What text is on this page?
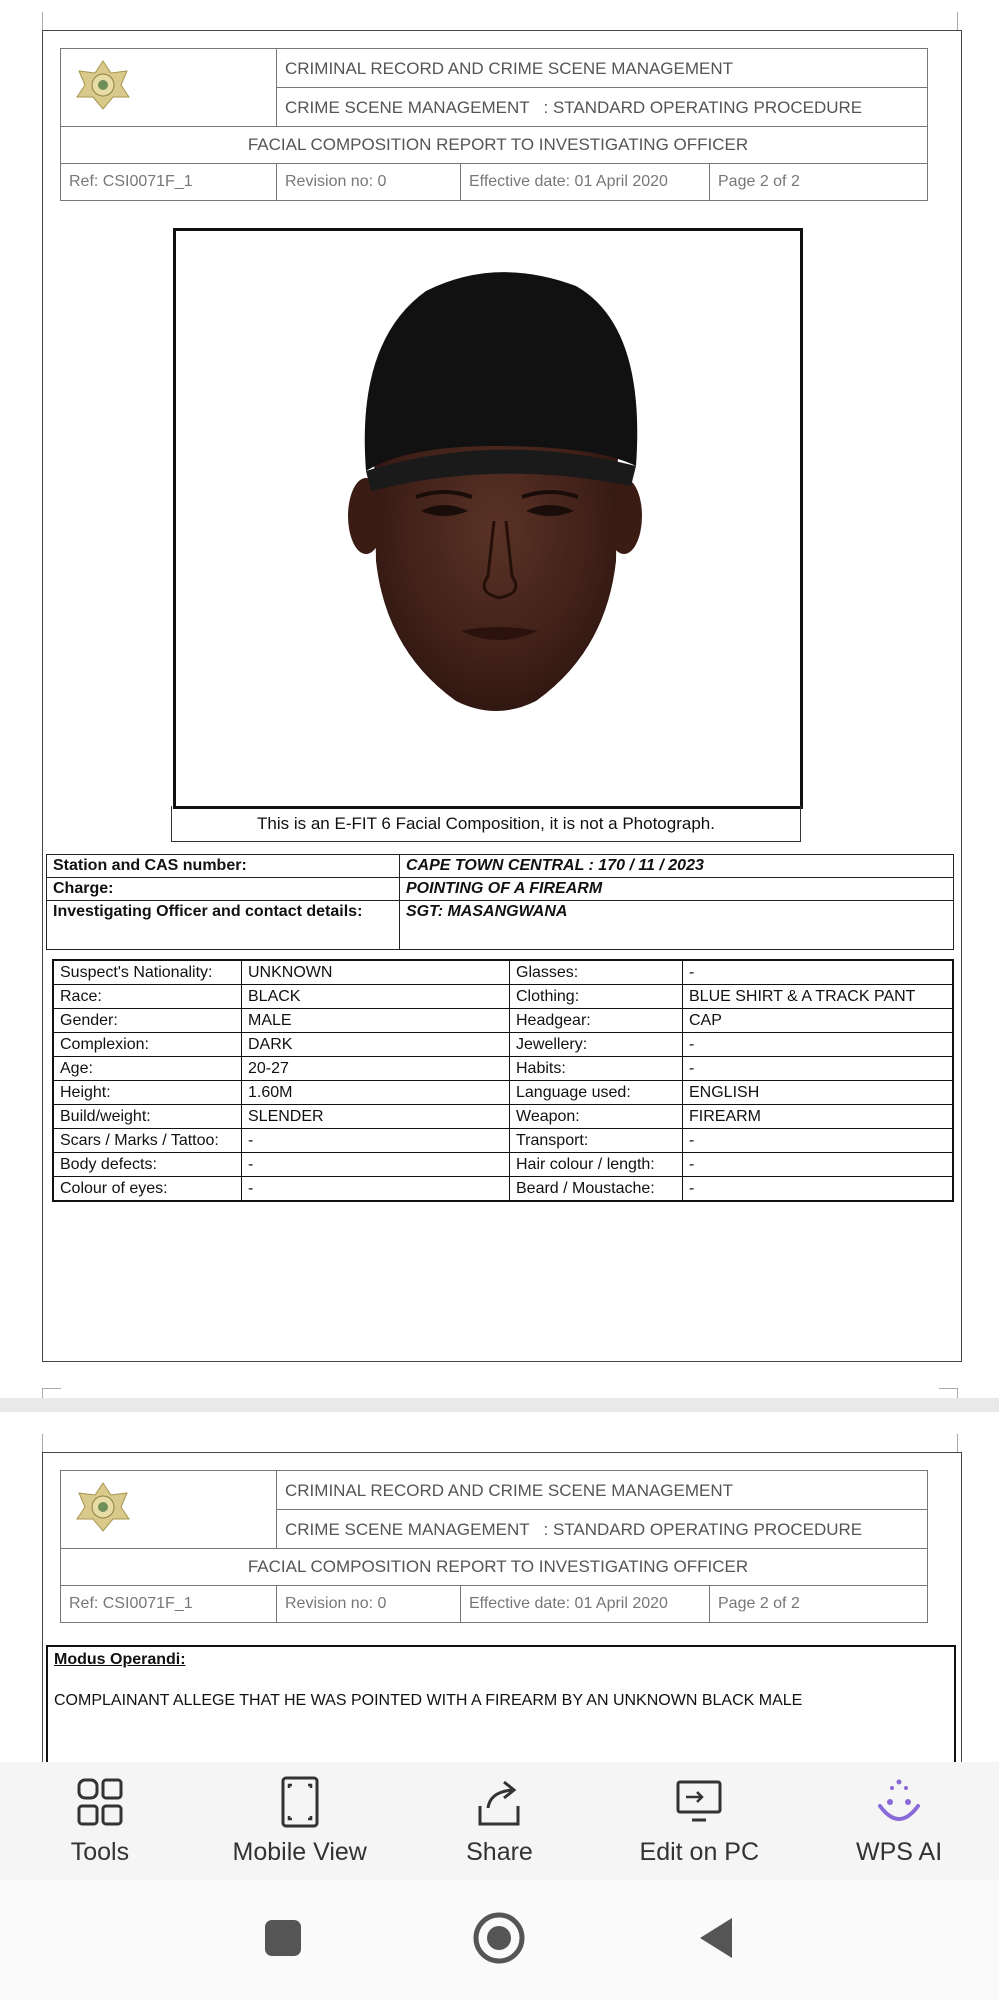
	CRIMINAL RECORD AND CRIME SCENE MANAGEMENT		
	CRIME SCENE MANAGEMENT   : STANDARD OPERATING PROCEDURE		
FACIAL COMPOSITION REPORT TO INVESTIGATING OFFICER			
Ref: CSI0071F_1	Revision no: 0	Effective date: 01 April 2020	Page 2 of 2
This is an E-FIT 6 Facial Composition, it is not a Photograph.
Station and CAS number:	CAPE TOWN CENTRAL : 170 / 11 / 2023
Charge:	POINTING OF A FIREARM
Investigating Officer and contact details:	SGT: MASANGWANA
Suspect's Nationality:	UNKNOWN	Glasses:	-
Race:	BLACK	Clothing:	BLUE SHIRT & A TRACK PANT
Gender:	MALE	Headgear:	CAP
Complexion:	DARK	Jewellery:	-
Age:	20-27	Habits:	-
Height:	1.60M	Language used:	ENGLISH
Build/weight:	SLENDER	Weapon:	FIREARM
Scars / Marks / Tattoo:	-	Transport:	-
Body defects:	-	Hair colour / length:	-
Colour of eyes:	-	Beard / Moustache:	-
	CRIMINAL RECORD AND CRIME SCENE MANAGEMENT		
	CRIME SCENE MANAGEMENT   : STANDARD OPERATING PROCEDURE		
FACIAL COMPOSITION REPORT TO INVESTIGATING OFFICER			
Ref: CSI0071F_1	Revision no: 0	Effective date: 01 April 2020	Page 2 of 2
Modus Operandi:
COMPLAINANT ALLEGE THAT HE WAS POINTED WITH A FIREARM BY AN UNKNOWN BLACK MALE
Tools	Mobile View	Share	Edit on PC	WPS AI
